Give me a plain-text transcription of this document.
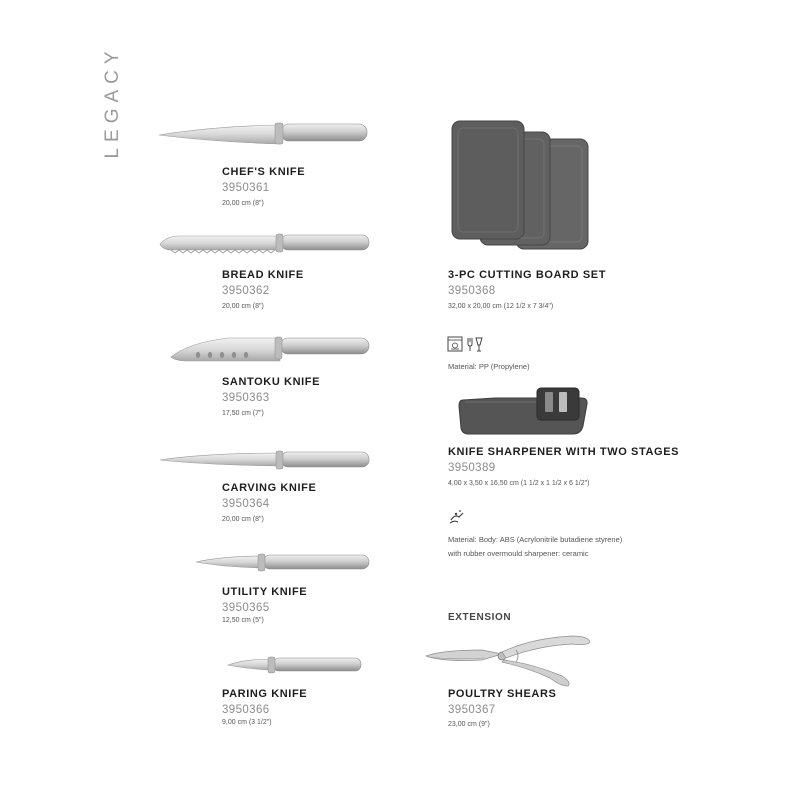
LEGACY
CHEF'S KNIFE
3950361
20,00 cm (8")
BREAD KNIFE
3950362
20,00 cm (8")
SANTOKU KNIFE
3950363
17,50 cm (7")
CARVING KNIFE
3950364
20,00 cm (8")
UTILITY KNIFE
3950365
12,50 cm (5")
PARING KNIFE
3950366
9,00 cm (3 1/2")
3-PC CUTTING BOARD SET
3950368
32,00 x 20,00 cm (12 1/2 x 7 3/4")
Material: PP (Propylene)
KNIFE SHARPENER WITH TWO STAGES
3950389
4,00 x 3,50 x 16,50 cm (1 1/2 x 1 1/2 x 6 1/2")
Material: Body: ABS (Acrylonitrile butadiene styrene)
with rubber overmould sharpener: ceramic
EXTENSION
POULTRY SHEARS
3950367
23,00 cm (9")
